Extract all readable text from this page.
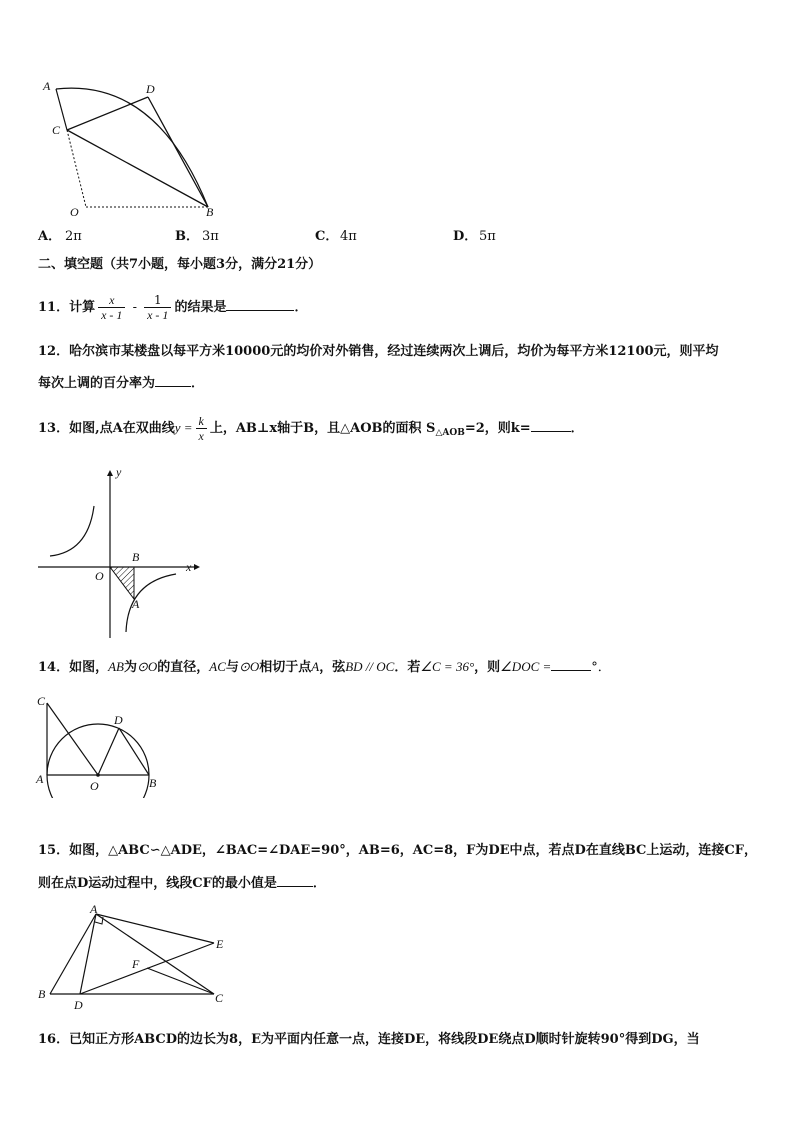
A
C
D
O	B
A． 2π	B． 3π	C． 4π	D． 5π
二、填空题（共7小题，每小题3分，满分21分）
11．计算 $\frac{x}{x - 1} - \frac{1}{x - 1}$ 的结果是	．
12．哈尔滨市某楼盘以每平方米10000元的均价对外销售，经过连续两次上调后，均价为每平方米12100元，则平均
每次上调的百分率为	．
13．如图,点A在双曲线$y = \frac{k}{x}$ 上，AB⊥x轴于B，且△AOB的面积 $S_{\triangle AOB}=2$，则k=	．
x
y
O
B
A
14．如图，AB为⊙O的直径，AC与⊙O相切于点A，弦BD // OC．若∠C = 36°，则∠DOC =	°．
C
D
A	O	B
15．如图，△ABC∽△ADE，∠BAC=∠DAE=90°，AB=6，AC=8，F为DE中点，若点D在直线BC上运动，连接CF，
则在点D运动过程中，线段CF的最小值是	．
A
E
F
B
D	C
16．已知正方形ABCD的边长为8，E为平面内任意一点，连接DE，将线段DE绕点D顺时针旋转90°得到DG，当
